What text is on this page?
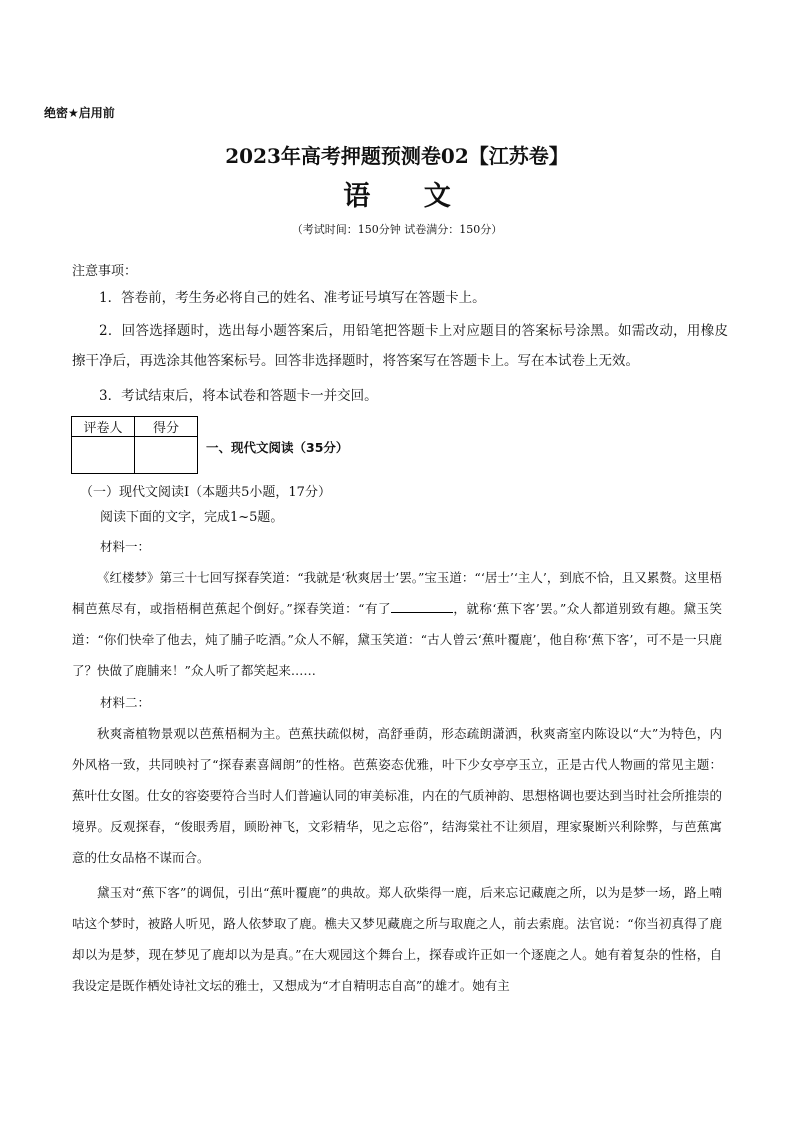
绝密★启用前
2023年高考押题预测卷02【江苏卷】
语 文
（考试时间：150分钟 试卷满分：150分）
注意事项：
1．答卷前，考生务必将自己的姓名、准考证号填写在答题卡上。
2．回答选择题时，选出每小题答案后，用铅笔把答题卡上对应题目的答案标号涂黑。如需改动，用橡皮擦干净后，再选涂其他答案标号。回答非选择题时，将答案写在答题卡上。写在本试卷上无效。
3．考试结束后，将本试卷和答题卡一并交回。
评卷人	得分

一、现代文阅读（35分）
（一）现代文阅读Ⅰ（本题共5小题，17分）
阅读下面的文字，完成1~5题。
材料一：
《红楼梦》第三十七回写探春笑道：“我就是‘秋爽居士’罢。”宝玉道：“‘居士’‘主人’，到底不恰，且又累赘。这里梧桐芭蕉尽有，或指梧桐芭蕉起个倒好。”探春笑道：“有了	，就称‘蕉下客’罢。”众人都道别致有趣。黛玉笑道：“你们快牵了他去，炖了脯子吃酒。”众人不解，黛玉笑道：“古人曾云‘蕉叶覆鹿’，他自称‘蕉下客’，可不是一只鹿了？快做了鹿脯来！”众人听了都笑起来……
材料二：
秋爽斋植物景观以芭蕉梧桐为主。芭蕉扶疏似树，高舒垂荫，形态疏朗潇洒，秋爽斋室内陈设以“大”为特色，内外风格一致，共同映衬了“探春素喜阔朗”的性格。芭蕉姿态优雅，叶下少女亭亭玉立，正是古代人物画的常见主题：蕉叶仕女图。仕女的容姿要符合当时人们普遍认同的审美标准，内在的气质神韵、思想格调也要达到当时社会所推崇的境界。反观探春，“俊眼秀眉，顾盼神飞，文彩精华，见之忘俗”，结海棠社不让须眉，理家聚断兴利除弊，与芭蕉寓意的仕女品格不谋而合。
黛玉对“蕉下客”的调侃，引出“蕉叶覆鹿”的典故。郑人砍柴得一鹿，后来忘记藏鹿之所，以为是梦一场，路上喃咕这个梦时，被路人听见，路人依梦取了鹿。樵夫又梦见藏鹿之所与取鹿之人，前去索鹿。法官说：“你当初真得了鹿却以为是梦，现在梦见了鹿却以为是真。”在大观园这个舞台上，探春或许正如一个逐鹿之人。她有着复杂的性格，自我设定是既作栖处诗社文坛的雅士，又想成为“才自精明志自高”的雄才。她有主
